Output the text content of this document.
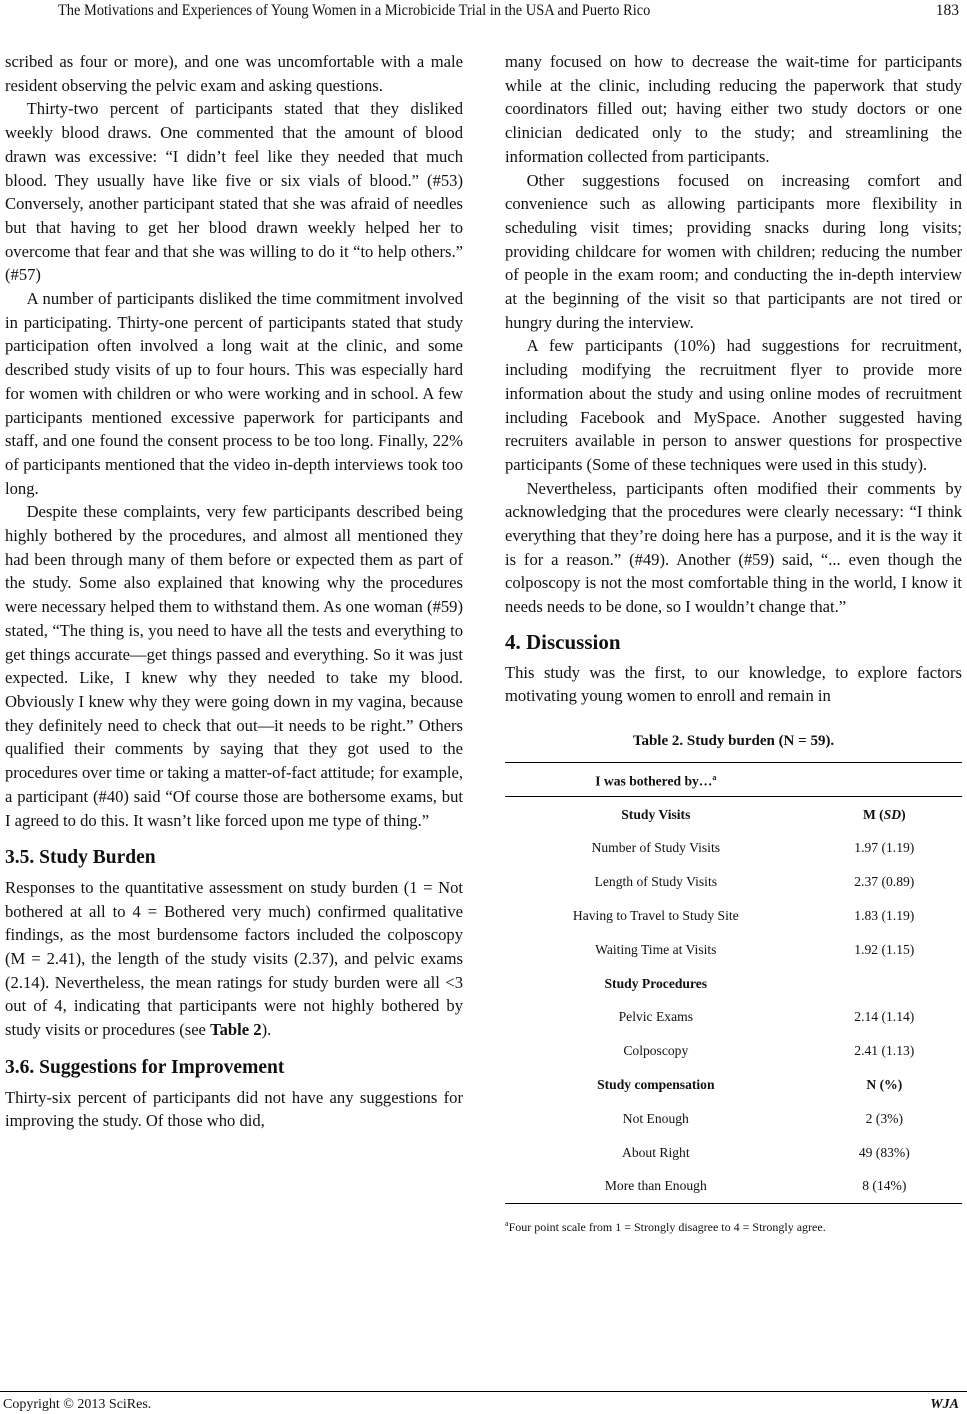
The Motivations and Experiences of Young Women in a Microbicide Trial in the USA and Puerto Rico	183

scribed as four or more), and one was uncomfortable with a male resident observing the pelvic exam and asking questions.

Thirty-two percent of participants stated that they disliked weekly blood draws. One commented that the amount of blood drawn was excessive: “I didn’t feel like they needed that much blood. They usually have like five or six vials of blood.” (#53) Conversely, another participant stated that she was afraid of needles but that having to get her blood drawn weekly helped her to overcome that fear and that she was willing to do it “to help others.” (#57)

A number of participants disliked the time commitment involved in participating. Thirty-one percent of participants stated that study participation often involved a long wait at the clinic, and some described study visits of up to four hours. This was especially hard for women with children or who were working and in school. A few participants mentioned excessive paperwork for participants and staff, and one found the consent process to be too long. Finally, 22% of participants mentioned that the video in-depth interviews took too long.

Despite these complaints, very few participants described being highly bothered by the procedures, and almost all mentioned they had been through many of them before or expected them as part of the study. Some also explained that knowing why the procedures were necessary helped them to withstand them. As one woman (#59) stated, “The thing is, you need to have all the tests and everything to get things accurate—get things passed and everything. So it was just expected. Like, I knew why they needed to take my blood. Obviously I knew why they were going down in my vagina, because they definitely need to check that out—it needs to be right.” Others qualified their comments by saying that they got used to the procedures over time or taking a matter-of-fact attitude; for example, a participant (#40) said “Of course those are bothersome exams, but I agreed to do this. It wasn’t like forced upon me type of thing.”

3.5. Study Burden

Responses to the quantitative assessment on study burden (1 = Not bothered at all to 4 = Bothered very much) confirmed qualitative findings, as the most burdensome factors included the colposcopy (M = 2.41), the length of the study visits (2.37), and pelvic exams (2.14). Nevertheless, the mean ratings for study burden were all <3 out of 4, indicating that participants were not highly bothered by study visits or procedures (see Table 2).

3.6. Suggestions for Improvement

Thirty-six percent of participants did not have any suggestions for improving the study. Of those who did,

many focused on how to decrease the wait-time for participants while at the clinic, including reducing the paperwork that study coordinators filled out; having either two study doctors or one clinician dedicated only to the study; and streamlining the information collected from participants.

Other suggestions focused on increasing comfort and convenience such as allowing participants more flexibility in scheduling visit times; providing snacks during long visits; providing childcare for women with children; reducing the number of people in the exam room; and conducting the in-depth interview at the beginning of the visit so that participants are not tired or hungry during the interview.

A few participants (10%) had suggestions for recruitment, including modifying the recruitment flyer to provide more information about the study and using online modes of recruitment including Facebook and MySpace. Another suggested having recruiters available in person to answer questions for prospective participants (Some of these techniques were used in this study).

Nevertheless, participants often modified their comments by acknowledging that the procedures were clearly necessary: “I think everything that they’re doing here has a purpose, and it is the way it is for a reason.” (#49). Another (#59) said, “... even though the colposcopy is not the most comfortable thing in the world, I know it needs needs to be done, so I wouldn’t change that.”

4. Discussion

This study was the first, to our knowledge, to explore factors motivating young women to enroll and remain in

Table 2. Study burden (N = 59).
I was bothered by…$^a$	
Study Visits	M (SD)
Number of Study Visits	1.97 (1.19)
Length of Study Visits	2.37 (0.89)
Having to Travel to Study Site	1.83 (1.19)
Waiting Time at Visits	1.92 (1.15)
Study Procedures	
Pelvic Exams	2.14 (1.14)
Colposcopy	2.41 (1.13)
Study compensation	N (%)
Not Enough	2 (3%)
About Right	49 (83%)
More than Enough	8 (14%)
$^a$Four point scale from 1 = Strongly disagree to 4 = Strongly agree.
Copyright © 2013 SciRes.	WJA
